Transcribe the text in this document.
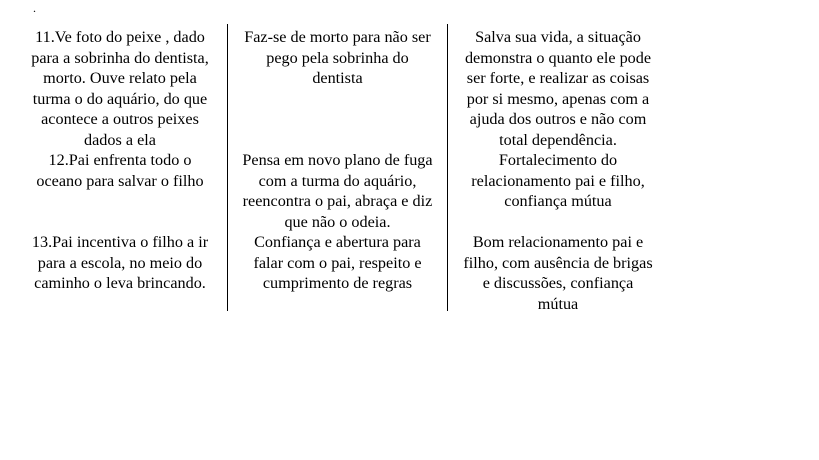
.
11.Ve foto do peixe , dado
para a sobrinha do dentista,
morto. Ouve relato pela
turma o do aquário, do que
acontece a outros peixes
dados a ela
Faz-se de morto para não ser
pego pela sobrinha do
dentista
Salva sua vida, a situação
demonstra o quanto ele pode
ser forte, e realizar as coisas
por si mesmo, apenas com a
ajuda dos outros e não com
total dependência.
12.Pai enfrenta todo o
oceano para salvar o filho
Pensa em novo plano de fuga
com a turma do aquário,
reencontra o pai, abraça e diz
que não o odeia.
Fortalecimento do
relacionamento pai e filho,
confiança mútua
13.Pai incentiva o filho a ir
para a escola, no meio do
caminho o leva brincando.
Confiança e abertura para
falar com o pai, respeito e
cumprimento de regras
Bom relacionamento pai e
filho, com ausência de brigas
e discussões, confiança
mútua
